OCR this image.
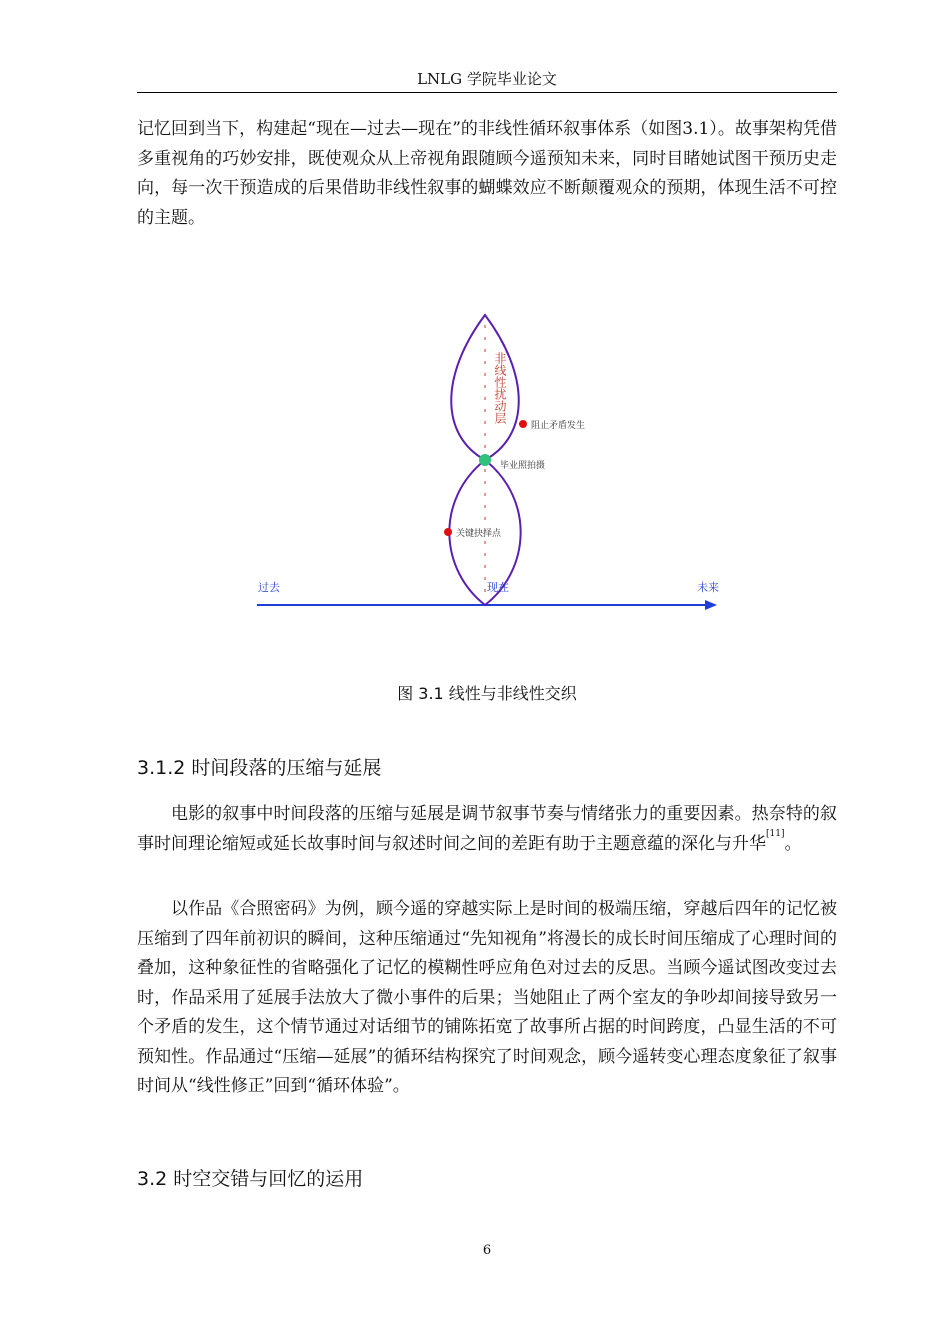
LNLG 学院毕业论文

记忆回到当下，构建起“现在—过去—现在”的非线性循环叙事体系（如图3.1）。故事架构凭借多重视角的巧妙安排，既使观众从上帝视角跟随顾今遥预知未来，同时目睹她试图干预历史走向，每一次干预造成的后果借助非线性叙事的蝴蝶效应不断颠覆观众的预期，体现生活不可控的主题。

非线性扰动层
阻止矛盾发生
毕业照拍摄
关键抉择点
过去	现在	未来
图 3.1 线性与非线性交织
3.1.2 时间段落的压缩与延展

电影的叙事中时间段落的压缩与延展是调节叙事节奏与情绪张力的重要因素。热奈特的叙事时间理论缩短或延长故事时间与叙述时间之间的差距有助于主题意蕴的深化与升华[11]。

以作品《合照密码》为例，顾今遥的穿越实际上是时间的极端压缩，穿越后四年的记忆被压缩到了四年前初识的瞬间，这种压缩通过“先知视角”将漫长的成长时间压缩成了心理时间的叠加，这种象征性的省略强化了记忆的模糊性呼应角色对过去的反思。当顾今遥试图改变过去时，作品采用了延展手法放大了微小事件的后果；当她阻止了两个室友的争吵却间接导致另一个矛盾的发生，这个情节通过对话细节的铺陈拓宽了故事所占据的时间跨度，凸显生活的不可预知性。作品通过“压缩—延展”的循环结构探究了时间观念，顾今遥转变心理态度象征了叙事时间从“线性修正”回到“循环体验”。

3.2 时空交错与回忆的运用
6
